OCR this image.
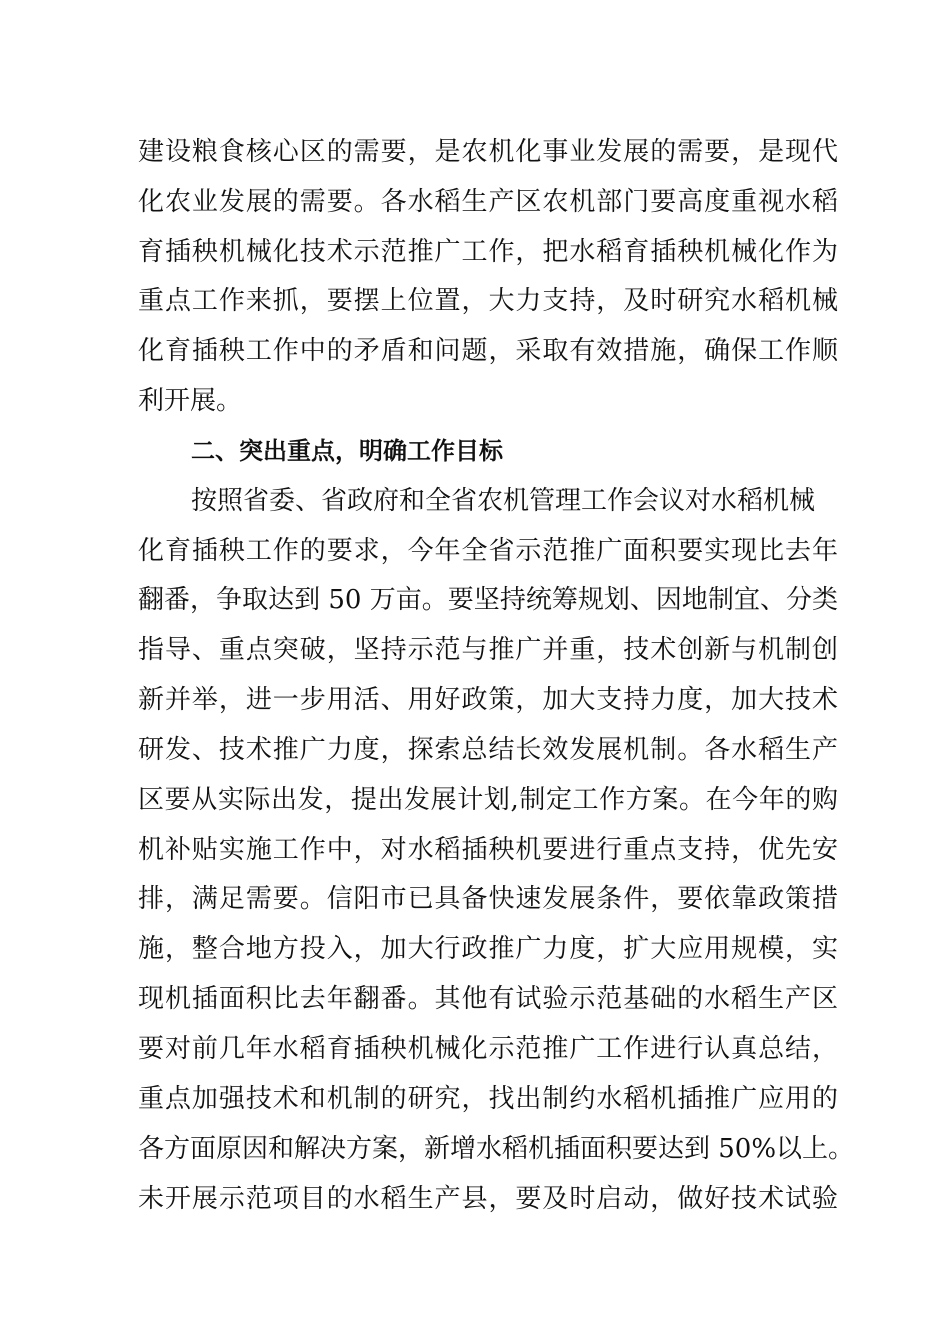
建设粮食核心区的需要，是农机化事业发展的需要，是现代
化农业发展的需要。各水稻生产区农机部门要高度重视水稻
育插秧机械化技术示范推广工作，把水稻育插秧机械化作为
重点工作来抓，要摆上位置，大力支持，及时研究水稻机械
化育插秧工作中的矛盾和问题，采取有效措施，确保工作顺
利开展。
二、突出重点，明确工作目标
按照省委、省政府和全省农机管理工作会议对水稻机械
化育插秧工作的要求，今年全省示范推广面积要实现比去年
翻番，争取达到 50 万亩。要坚持统筹规划、因地制宜、分类
指导、重点突破，坚持示范与推广并重，技术创新与机制创
新并举，进一步用活、用好政策，加大支持力度，加大技术
研发、技术推广力度，探索总结长效发展机制。各水稻生产
区要从实际出发，提出发展计划,制定工作方案。在今年的购
机补贴实施工作中，对水稻插秧机要进行重点支持，优先安
排，满足需要。信阳市已具备快速发展条件，要依靠政策措
施，整合地方投入，加大行政推广力度，扩大应用规模，实
现机插面积比去年翻番。其他有试验示范基础的水稻生产区
要对前几年水稻育插秧机械化示范推广工作进行认真总结，
重点加强技术和机制的研究，找出制约水稻机插推广应用的
各方面原因和解决方案，新增水稻机插面积要达到 50%以上。
未开展示范项目的水稻生产县，要及时启动，做好技术试验
